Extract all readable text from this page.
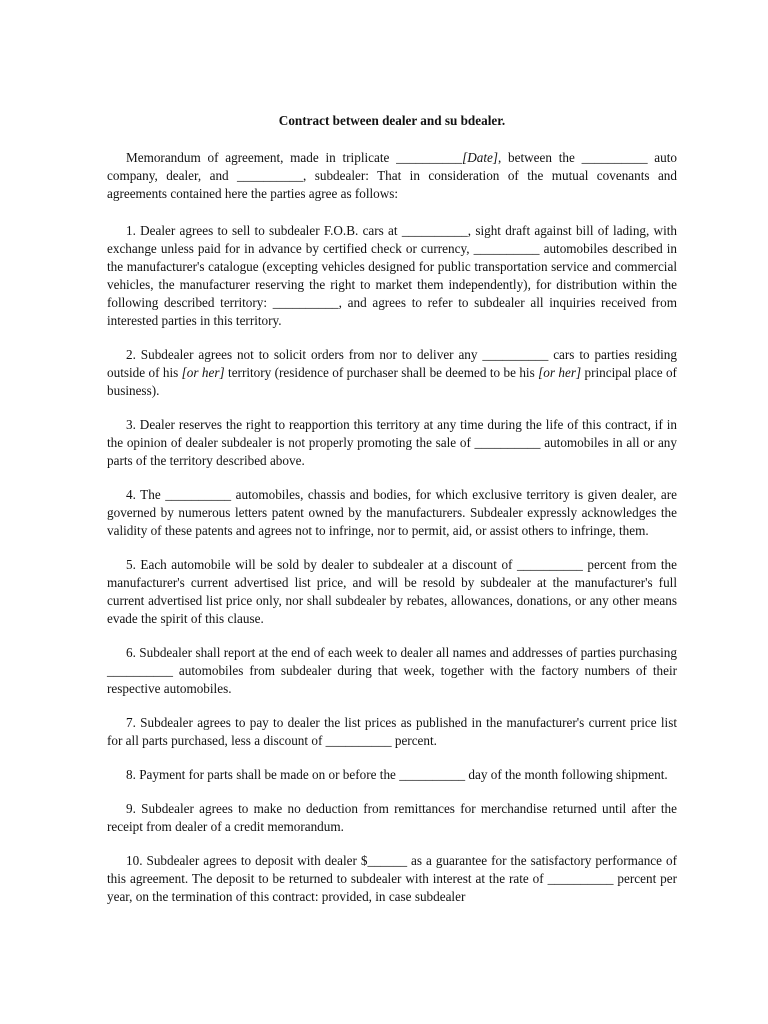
Contract between dealer and su bdealer.

Memorandum of agreement, made in triplicate __________[Date], between the __________ auto company, dealer, and __________, subdealer: That in consideration of the mutual covenants and agreements contained here the parties agree as follows:

1. Dealer agrees to sell to subdealer F.O.B. cars at __________, sight draft against bill of lading, with exchange unless paid for in advance by certified check or currency, __________ automobiles described in the manufacturer's catalogue (excepting vehicles designed for public transportation service and commercial vehicles, the manufacturer reserving the right to market them independently), for distribution within the following described territory: __________, and agrees to refer to subdealer all inquiries received from interested parties in this territory.

2. Subdealer agrees not to solicit orders from nor to deliver any __________ cars to parties residing outside of his [or her] territory (residence of purchaser shall be deemed to be his [or her] principal place of business).

3. Dealer reserves the right to reapportion this territory at any time during the life of this contract, if in the opinion of dealer subdealer is not properly promoting the sale of __________ automobiles in all or any parts of the territory described above.

4. The __________ automobiles, chassis and bodies, for which exclusive territory is given dealer, are governed by numerous letters patent owned by the manufacturers. Subdealer expressly acknowledges the validity of these patents and agrees not to infringe, nor to permit, aid, or assist others to infringe, them.

5. Each automobile will be sold by dealer to subdealer at a discount of __________ percent from the manufacturer's current advertised list price, and will be resold by subdealer at the manufacturer's full current advertised list price only, nor shall subdealer by rebates, allowances, donations, or any other means evade the spirit of this clause.

6. Subdealer shall report at the end of each week to dealer all names and addresses of parties purchasing __________ automobiles from subdealer during that week, together with the factory numbers of their respective automobiles.

7. Subdealer agrees to pay to dealer the list prices as published in the manufacturer's current price list for all parts purchased, less a discount of __________ percent.

8. Payment for parts shall be made on or before the __________ day of the month following shipment.

9. Subdealer agrees to make no deduction from remittances for merchandise returned until after the receipt from dealer of a credit memorandum.

10. Subdealer agrees to deposit with dealer $______ as a guarantee for the satisfactory performance of this agreement. The deposit to be returned to subdealer with interest at the rate of __________ percent per year, on the termination of this contract: provided, in case subdealer
